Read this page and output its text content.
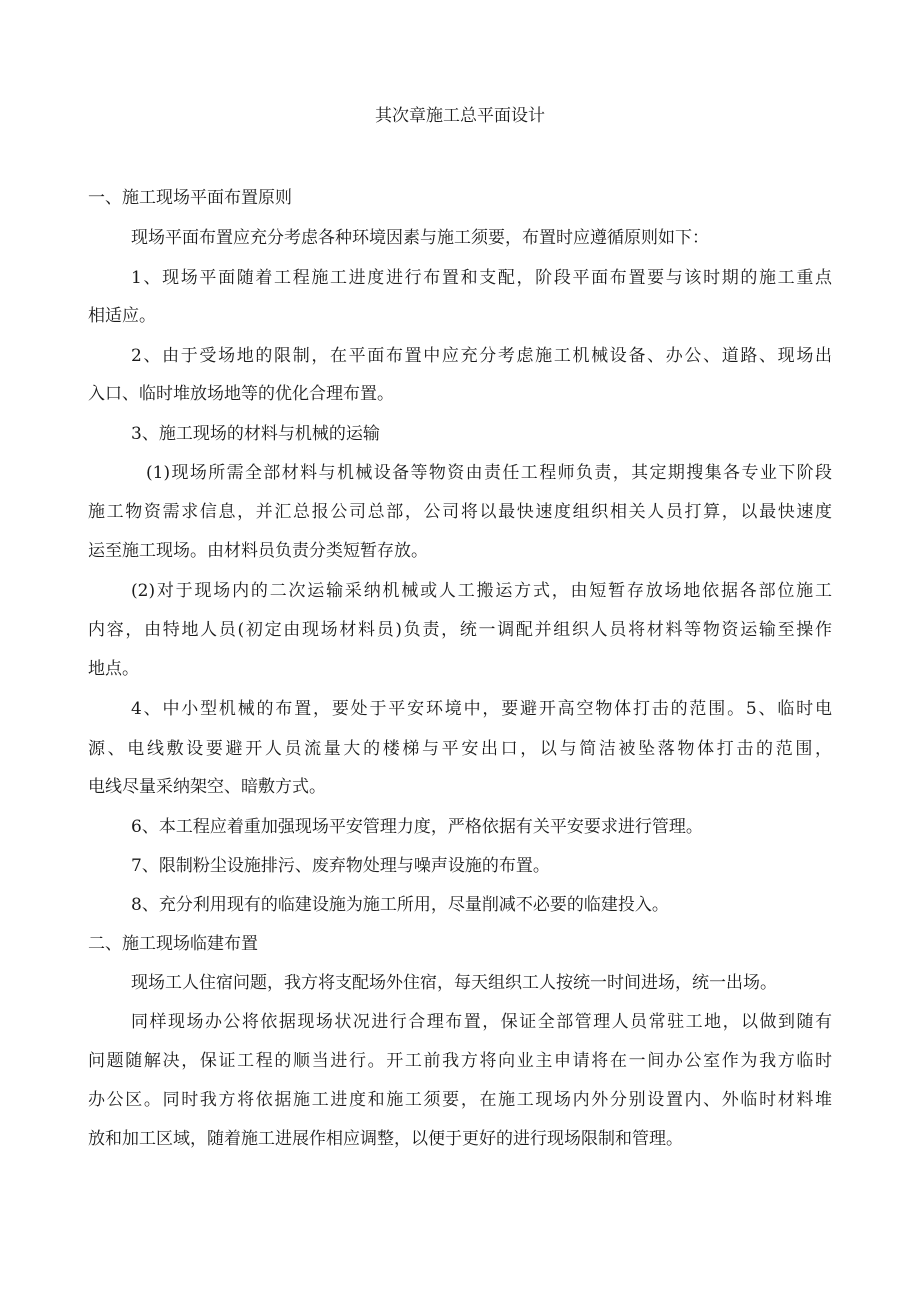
其次章施工总平面设计
一、施工现场平面布置原则
现场平面布置应充分考虑各种环境因素与施工须要，布置时应遵循原则如下：
1、现场平面随着工程施工进度进行布置和支配，阶段平面布置要与该时期的施工重点
相适应。
2、由于受场地的限制，在平面布置中应充分考虑施工机械设备、办公、道路、现场出
入口、临时堆放场地等的优化合理布置。
3、施工现场的材料与机械的运输
(1)现场所需全部材料与机械设备等物资由责任工程师负责，其定期搜集各专业下阶段
施工物资需求信息，并汇总报公司总部，公司将以最快速度组织相关人员打算，以最快速度
运至施工现场。由材料员负责分类短暂存放。
(2)对于现场内的二次运输采纳机械或人工搬运方式，由短暂存放场地依据各部位施工
内容，由特地人员(初定由现场材料员)负责，统一调配并组织人员将材料等物资运输至操作
地点。
4、中小型机械的布置，要处于平安环境中，要避开高空物体打击的范围。5、临时电
源、电线敷设要避开人员流量大的楼梯与平安出口，以与简洁被坠落物体打击的范围，
电线尽量采纳架空、暗敷方式。
6、本工程应着重加强现场平安管理力度，严格依据有关平安要求进行管理。
7、限制粉尘设施排污、废弃物处理与噪声设施的布置。
8、充分利用现有的临建设施为施工所用，尽量削减不必要的临建投入。
二、施工现场临建布置
现场工人住宿问题，我方将支配场外住宿，每天组织工人按统一时间进场，统一出场。
同样现场办公将依据现场状况进行合理布置，保证全部管理人员常驻工地，以做到随有
问题随解决，保证工程的顺当进行。开工前我方将向业主申请将在一间办公室作为我方临时
办公区。同时我方将依据施工进度和施工须要，在施工现场内外分别设置内、外临时材料堆
放和加工区域，随着施工进展作相应调整，以便于更好的进行现场限制和管理。
